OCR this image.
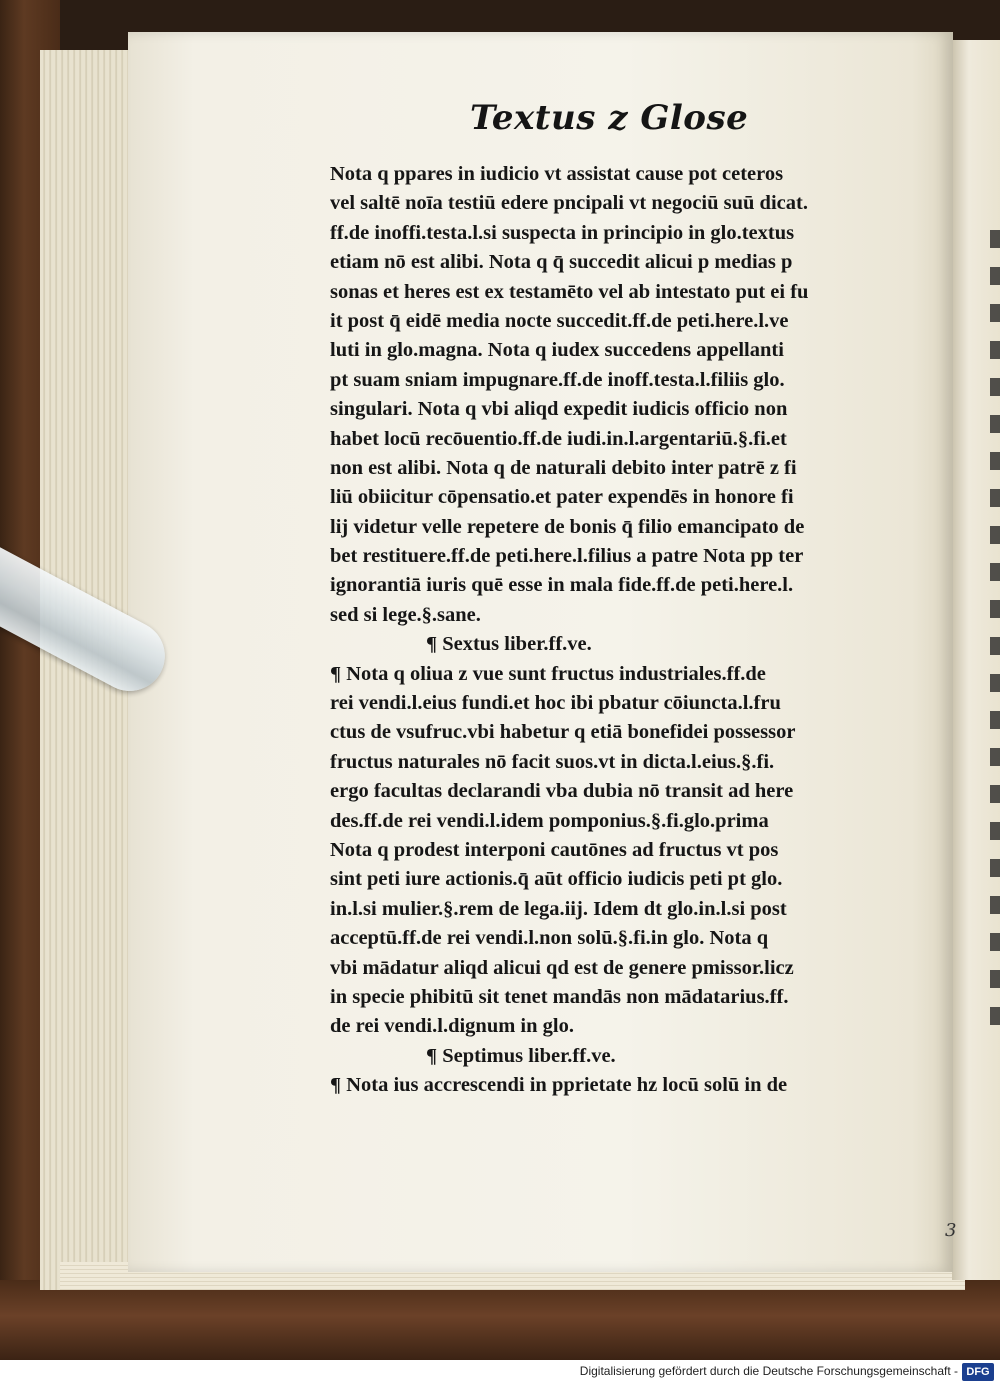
Textus z Glose
Nota q ppares in iudicio vt assistat cause pot ceteros
vel saltē noīa testiū edere pncipali vt negociū suū dicat.
ff.de inoffi.testa.l.si suspecta in principio in glo.textus
etiam nō est alibi. Nota q q̄ succedit alicui p medias p
sonas et heres est ex testamēto vel ab intestato put ei fu
it post q̄ eidē media nocte succedit.ff.de peti.here.l.ve
luti in glo.magna. Nota q iudex succedens appellanti
pt suam sniam impugnare.ff.de inoff.testa.l.filiis glo.
singulari. Nota q vbi aliqd expedit iudicis officio non
habet locū recōuentio.ff.de iudi.in.l.argentariū.§.fi.et
non est alibi. Nota q de naturali debito inter patrē z fi
liū obiicitur cōpensatio.et pater expendēs in honore fi
lij videtur velle repetere de bonis q̄ filio emancipato de
bet restituere.ff.de peti.here.l.filius a patre Nota pp ter
ignorantiā iuris quē esse in mala fide.ff.de peti.here.l.
sed si lege.§.sane.
¶ Sextus liber.ff.ve.
¶ Nota q oliua z vue sunt fructus industriales.ff.de
rei vendi.l.eius fundi.et hoc ibi pbatur cōiuncta.l.fru
ctus de vsufruc.vbi habetur q etiā bonefidei possessor
fructus naturales nō facit suos.vt in dicta.l.eius.§.fi.
ergo facultas declarandi vba dubia nō transit ad here
des.ff.de rei vendi.l.idem pomponius.§.fi.glo.prima
Nota q prodest interponi cautōnes ad fructus vt pos
sint peti iure actionis.q̄ aūt officio iudicis peti pt glo.
in.l.si mulier.§.rem de lega.iij. Idem dt glo.in.l.si post
acceptū.ff.de rei vendi.l.non solū.§.fi.in glo. Nota q
vbi mādatur aliqd alicui qd est de genere pmissor.licz
in specie phibitū sit tenet mandās non mādatarius.ff.
de rei vendi.l.dignum in glo.
¶ Septimus liber.ff.ve.
¶ Nota ius accrescendi in pprietate hz locū solū in de
3
Digitalisierung gefördert durch die Deutsche Forschungsgemeinschaft - DFG
